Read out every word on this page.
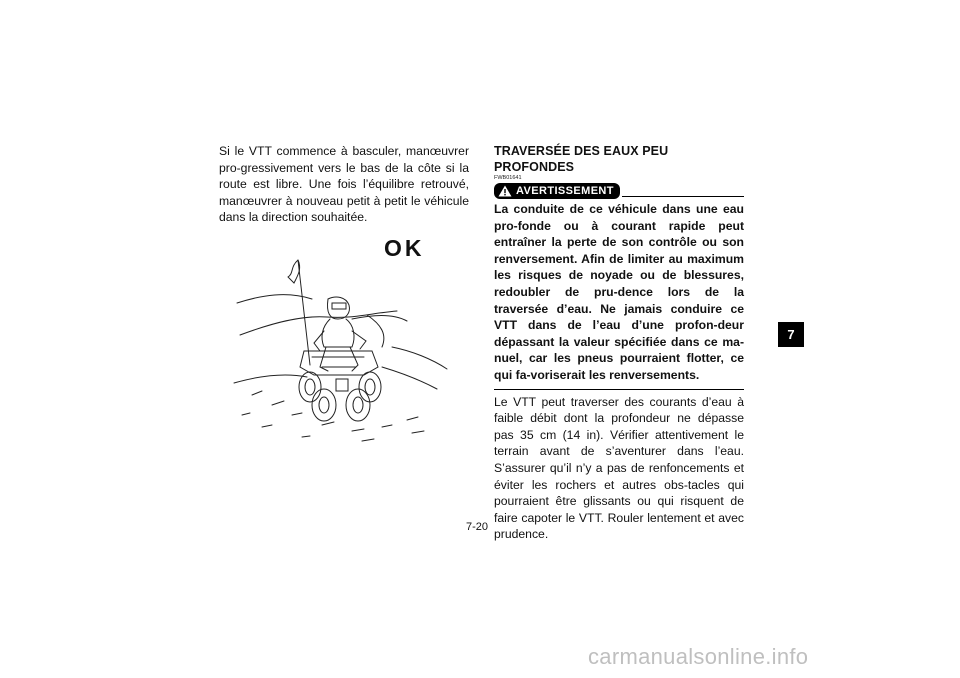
Si le VTT commence à basculer, manœuvrer pro-gressivement vers le bas de la côte si la route est libre. Une fois l’équilibre retrouvé, manœuvrer à nouveau petit à petit le véhicule dans la direction souhaitée.

OK

TRAVERSÉE DES EAUX PEU PROFONDES

FWB01641

AVERTISSEMENT

La conduite de ce véhicule dans une eau pro-fonde ou à courant rapide peut entraîner la perte de son contrôle ou son renversement. Afin de limiter au maximum les risques de noyade ou de blessures, redoubler de pru-dence lors de la traversée d’eau. Ne jamais conduire ce VTT dans de l’eau d’une profon-deur dépassant la valeur spécifiée dans ce ma-nuel, car les pneus pourraient flotter, ce qui fa-voriserait les renversements.

Le VTT peut traverser des courants d’eau à faible débit dont la profondeur ne dépasse pas 35 cm (14 in). Vérifier attentivement le terrain avant de s’aventurer dans l’eau. S’assurer qu’il n’y a pas de renfoncements et éviter les rochers et autres obs-tacles qui pourraient être glissants ou qui risquent de faire capoter le VTT. Rouler lentement et avec prudence.

7
7-20
carmanualsonline.info
